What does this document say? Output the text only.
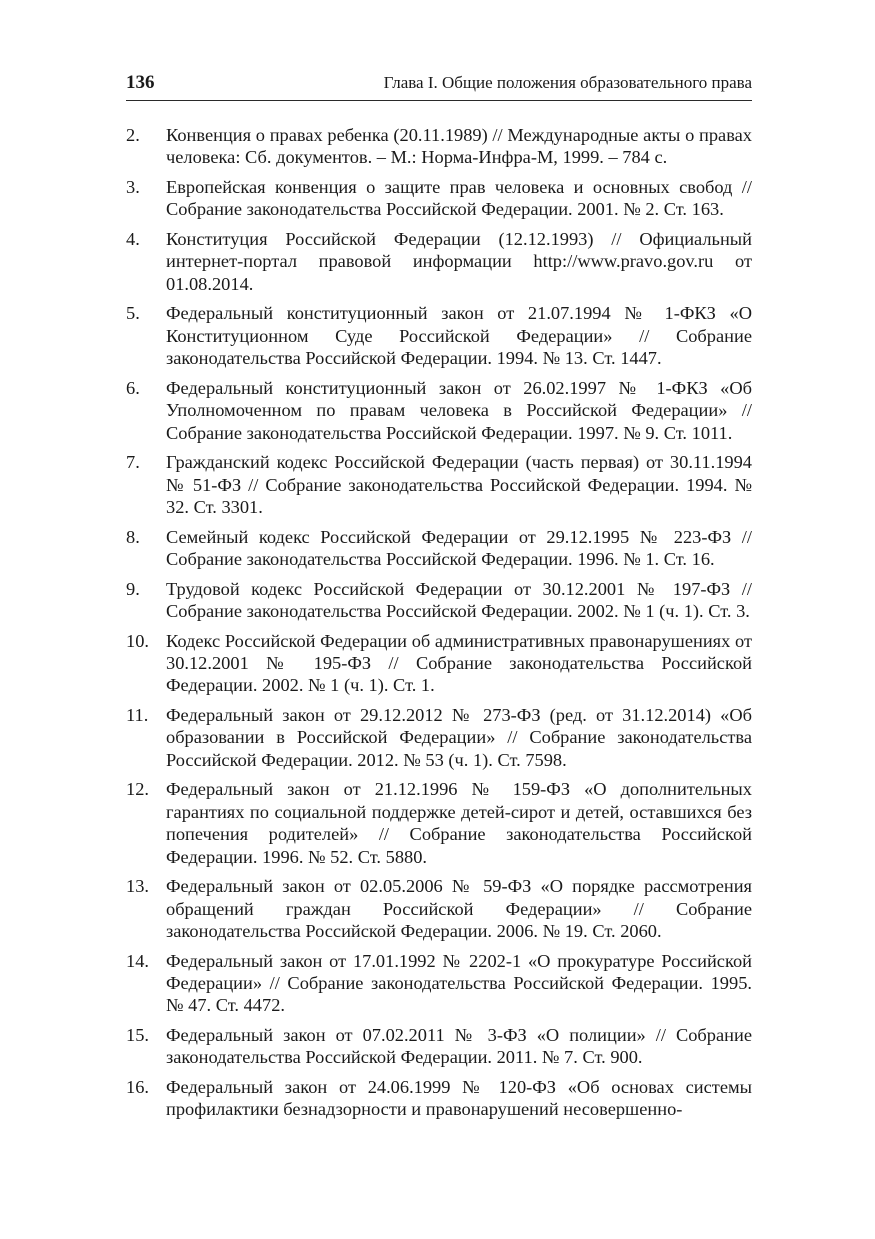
136	Глава I. Общие положения образовательного права
2.	Конвенция о правах ребенка (20.11.1989) // Международные акты о правах человека: Сб. документов. – М.: Норма-Инфра-М, 1999. – 784 с.
3.	Европейская конвенция о защите прав человека и основных свобод // Собрание законодательства Российской Федерации. 2001. № 2. Ст. 163.
4.	Конституция Российской Федерации (12.12.1993) // Официальный интернет-портал правовой информации http://www.pravo.gov.ru от 01.08.2014.
5.	Федеральный конституционный закон от 21.07.1994 № 1-ФКЗ «О Конституционном Суде Российской Федерации» // Собрание законодательства Российской Федерации. 1994. № 13. Ст. 1447.
6.	Федеральный конституционный закон от 26.02.1997 № 1-ФКЗ «Об Уполномоченном по правам человека в Российской Федерации» // Собрание законодательства Российской Федерации. 1997. № 9. Ст. 1011.
7.	Гражданский кодекс Российской Федерации (часть первая) от 30.11.1994 № 51-ФЗ // Собрание законодательства Российской Федерации. 1994. № 32. Ст. 3301.
8.	Семейный кодекс Российской Федерации от 29.12.1995 № 223-ФЗ // Собрание законодательства Российской Федерации. 1996. № 1. Ст. 16.
9.	Трудовой кодекс Российской Федерации от 30.12.2001 № 197-ФЗ // Собрание законодательства Российской Федерации. 2002. № 1 (ч. 1). Ст. 3.
10. Кодекс Российской Федерации об административных правонарушениях от 30.12.2001 № 195-ФЗ // Собрание законодательства Российской Федерации. 2002. № 1 (ч. 1). Ст. 1.
11. Федеральный закон от 29.12.2012 № 273-ФЗ (ред. от 31.12.2014) «Об образовании в Российской Федерации» // Собрание законодательства Российской Федерации. 2012. № 53 (ч. 1). Ст. 7598.
12. Федеральный закон от 21.12.1996 № 159-ФЗ «О дополнительных гарантиях по социальной поддержке детей-сирот и детей, оставшихся без попечения родителей» // Собрание законодательства Российской Федерации. 1996. № 52. Ст. 5880.
13. Федеральный закон от 02.05.2006 № 59-ФЗ «О порядке рассмотрения обращений граждан Российской Федерации» // Собрание законодательства Российской Федерации. 2006. № 19. Ст. 2060.
14. Федеральный закон от 17.01.1992 № 2202-1 «О прокуратуре Российской Федерации» // Собрание законодательства Российской Федерации. 1995. № 47. Ст. 4472.
15. Федеральный закон от 07.02.2011 № 3-ФЗ «О полиции» // Собрание законодательства Российской Федерации. 2011. № 7. Ст. 900.
16. Федеральный закон от 24.06.1999 № 120-ФЗ «Об основах системы профилактики безнадзорности и правонарушений несовершенно-
